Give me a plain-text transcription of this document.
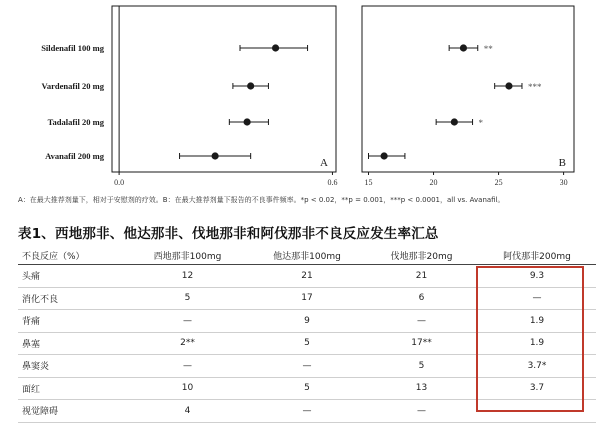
0.0	0.6
A
Sildenafil 100 mg
Vardenafil 20 mg
Tadalafil 20 mg
Avanafil 200 mg
15	20	25	30
B
**
***
*
A：在最大推荐剂量下，相对于安慰剂的疗效。B：在最大推荐剂量下报告的不良事件频率。*p < 0.02，**p = 0.001，***p < 0.0001，all vs. Avanafil。
表1、西地那非、他达那非、伐地那非和阿伐那非不良反应发生率汇总
不良反应（%）	西地那非100mg	他达那非100mg	伐地那非20mg	阿伐那非200mg
头痛	12	21	21	9.3
消化不良	5	17	6	—
背痛	—	9	—	1.9
鼻塞	2**	5	17**	1.9
鼻窦炎	—	—	5	3.7*
面红	10	5	13	3.7
视觉障碍	4	—	—	—
